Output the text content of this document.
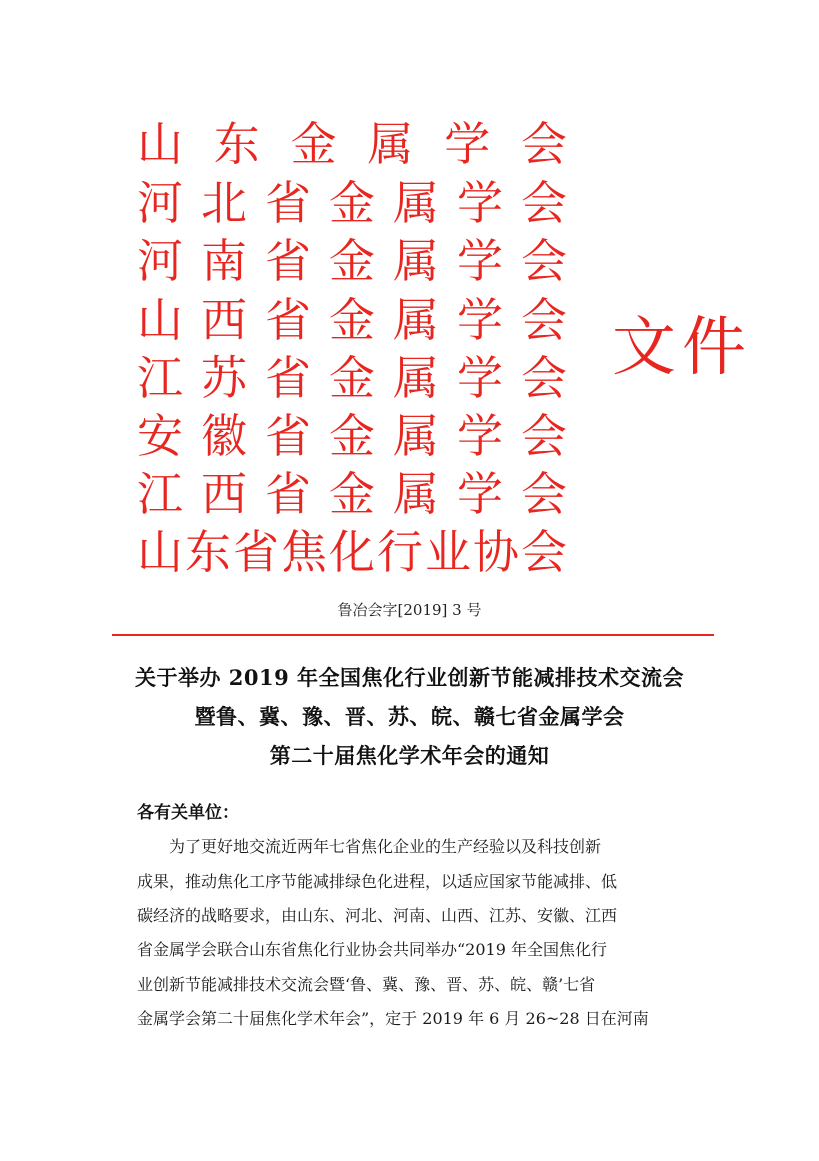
山 东 金 属 学 会
河 北 省 金 属 学 会
河 南 省 金 属 学 会
山 西 省 金 属 学 会
江 苏 省 金 属 学 会
安 徽 省 金 属 学 会
江 西 省 金 属 学 会
山 东 省 焦 化 行 业 协 会
文 件
鲁冶会字[2019] 3 号
关于举办 2019 年全国焦化行业创新节能减排技术交流会
暨鲁、冀、豫、晋、苏、皖、赣七省金属学会
第二十届焦化学术年会的通知
各有关单位：
　　为了更好地交流近两年七省焦化企业的生产经验以及科技创新
成果，推动焦化工序节能减排绿色化进程，以适应国家节能减排、低
碳经济的战略要求，由山东、河北、河南、山西、江苏、安徽、江西
省金属学会联合山东省焦化行业协会共同举办“2019 年全国焦化行
业创新节能减排技术交流会暨‘鲁、冀、豫、晋、苏、皖、赣’七省
金属学会第二十届焦化学术年会”，定于 2019 年 6 月 26~28 日在河南
